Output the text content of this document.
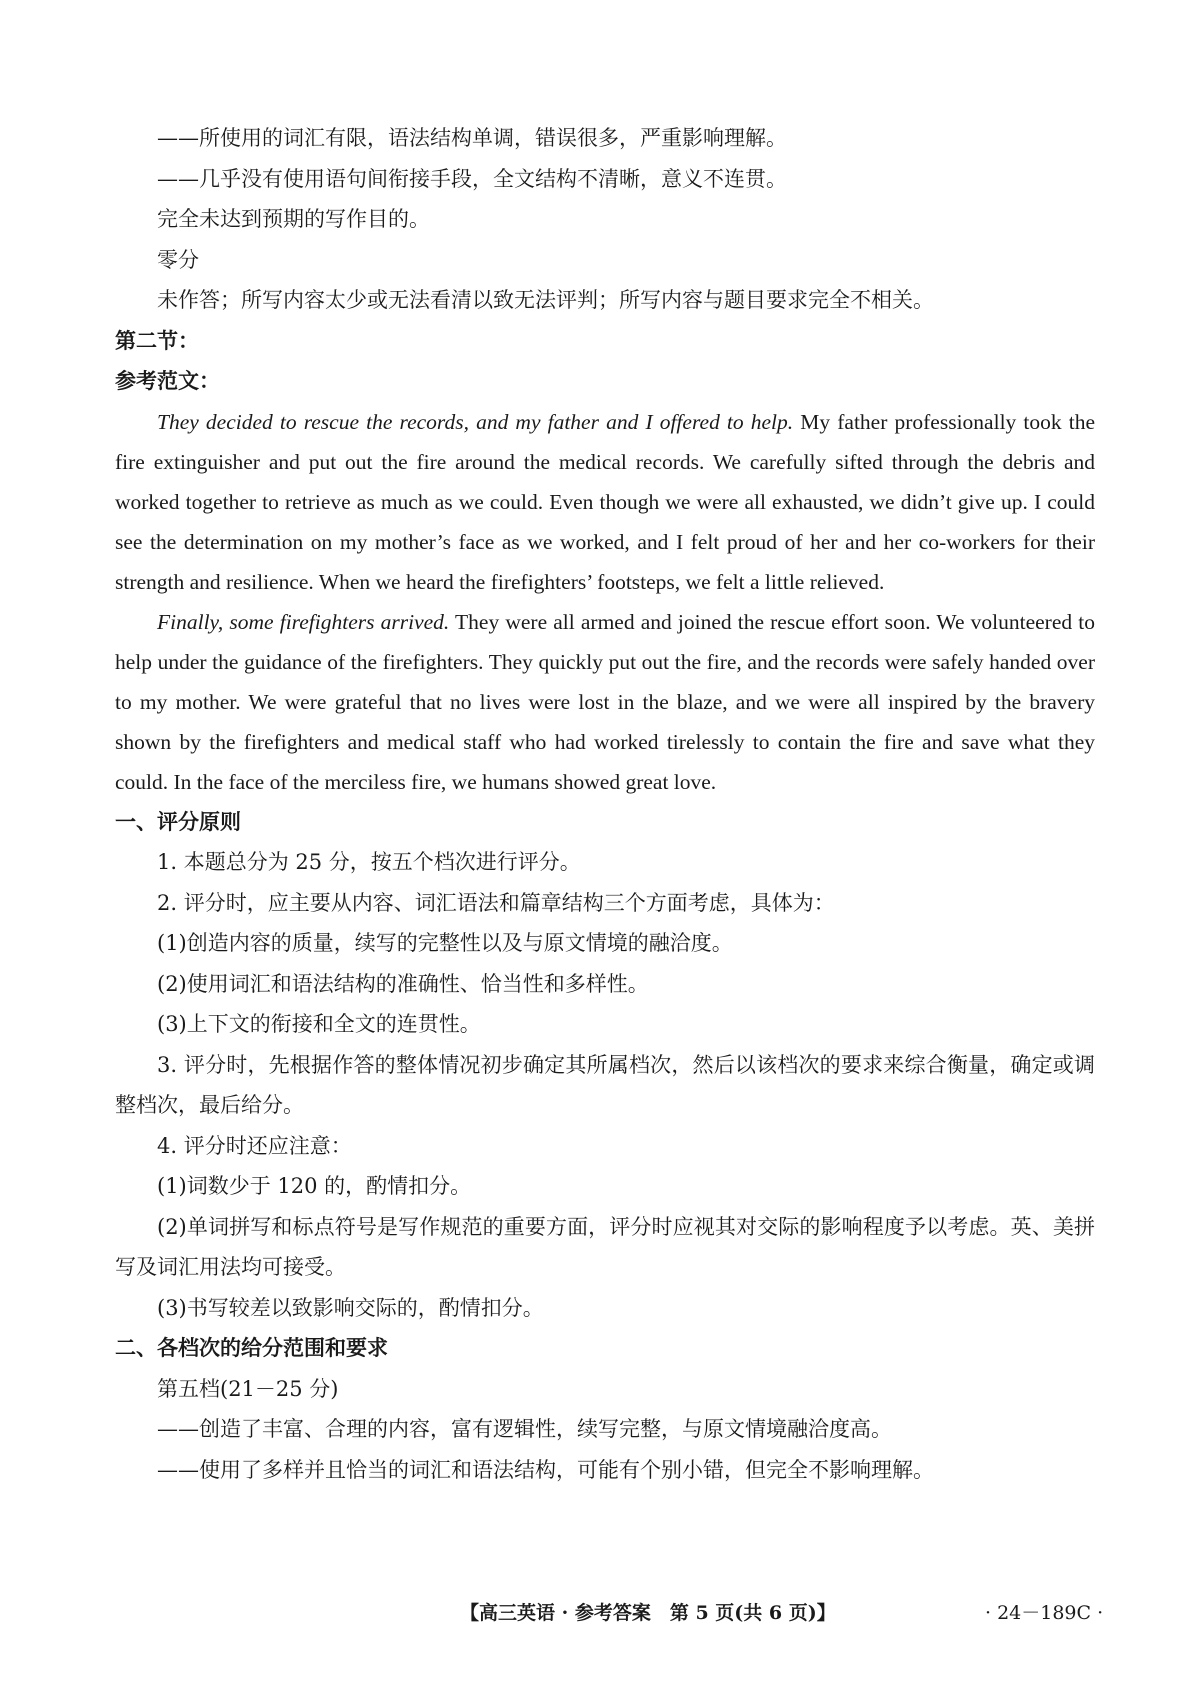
——所使用的词汇有限，语法结构单调，错误很多，严重影响理解。

——几乎没有使用语句间衔接手段，全文结构不清晰，意义不连贯。

完全未达到预期的写作目的。

零分

未作答；所写内容太少或无法看清以致无法评判；所写内容与题目要求完全不相关。

第二节：

参考范文：

They decided to rescue the records, and my father and I offered to help. My father professionally took the fire extinguisher and put out the fire around the medical records. We carefully sifted through the debris and worked together to retrieve as much as we could. Even though we were all exhausted, we didn’t give up. I could see the determination on my mother’s face as we worked, and I felt proud of her and her co-workers for their strength and resilience. When we heard the firefighters’ footsteps, we felt a little relieved.

Finally, some firefighters arrived. They were all armed and joined the rescue effort soon. We volunteered to help under the guidance of the firefighters. They quickly put out the fire, and the records were safely handed over to my mother. We were grateful that no lives were lost in the blaze, and we were all inspired by the bravery shown by the firefighters and medical staff who had worked tirelessly to contain the fire and save what they could. In the face of the merciless fire, we humans showed great love.

一、评分原则

1. 本题总分为 25 分，按五个档次进行评分。

2. 评分时，应主要从内容、词汇语法和篇章结构三个方面考虑，具体为：

(1)创造内容的质量，续写的完整性以及与原文情境的融洽度。

(2)使用词汇和语法结构的准确性、恰当性和多样性。

(3)上下文的衔接和全文的连贯性。

3. 评分时，先根据作答的整体情况初步确定其所属档次，然后以该档次的要求来综合衡量，确定或调整档次，最后给分。

4. 评分时还应注意：

(1)词数少于 120 的，酌情扣分。

(2)单词拼写和标点符号是写作规范的重要方面，评分时应视其对交际的影响程度予以考虑。英、美拼写及词汇用法均可接受。

(3)书写较差以致影响交际的，酌情扣分。

二、各档次的给分范围和要求

第五档(21－25 分)

——创造了丰富、合理的内容，富有逻辑性，续写完整，与原文情境融洽度高。

——使用了多样并且恰当的词汇和语法结构，可能有个别小错，但完全不影响理解。

【高三英语 · 参考答案　第 5 页(共 6 页)】	· 24－189C ·
